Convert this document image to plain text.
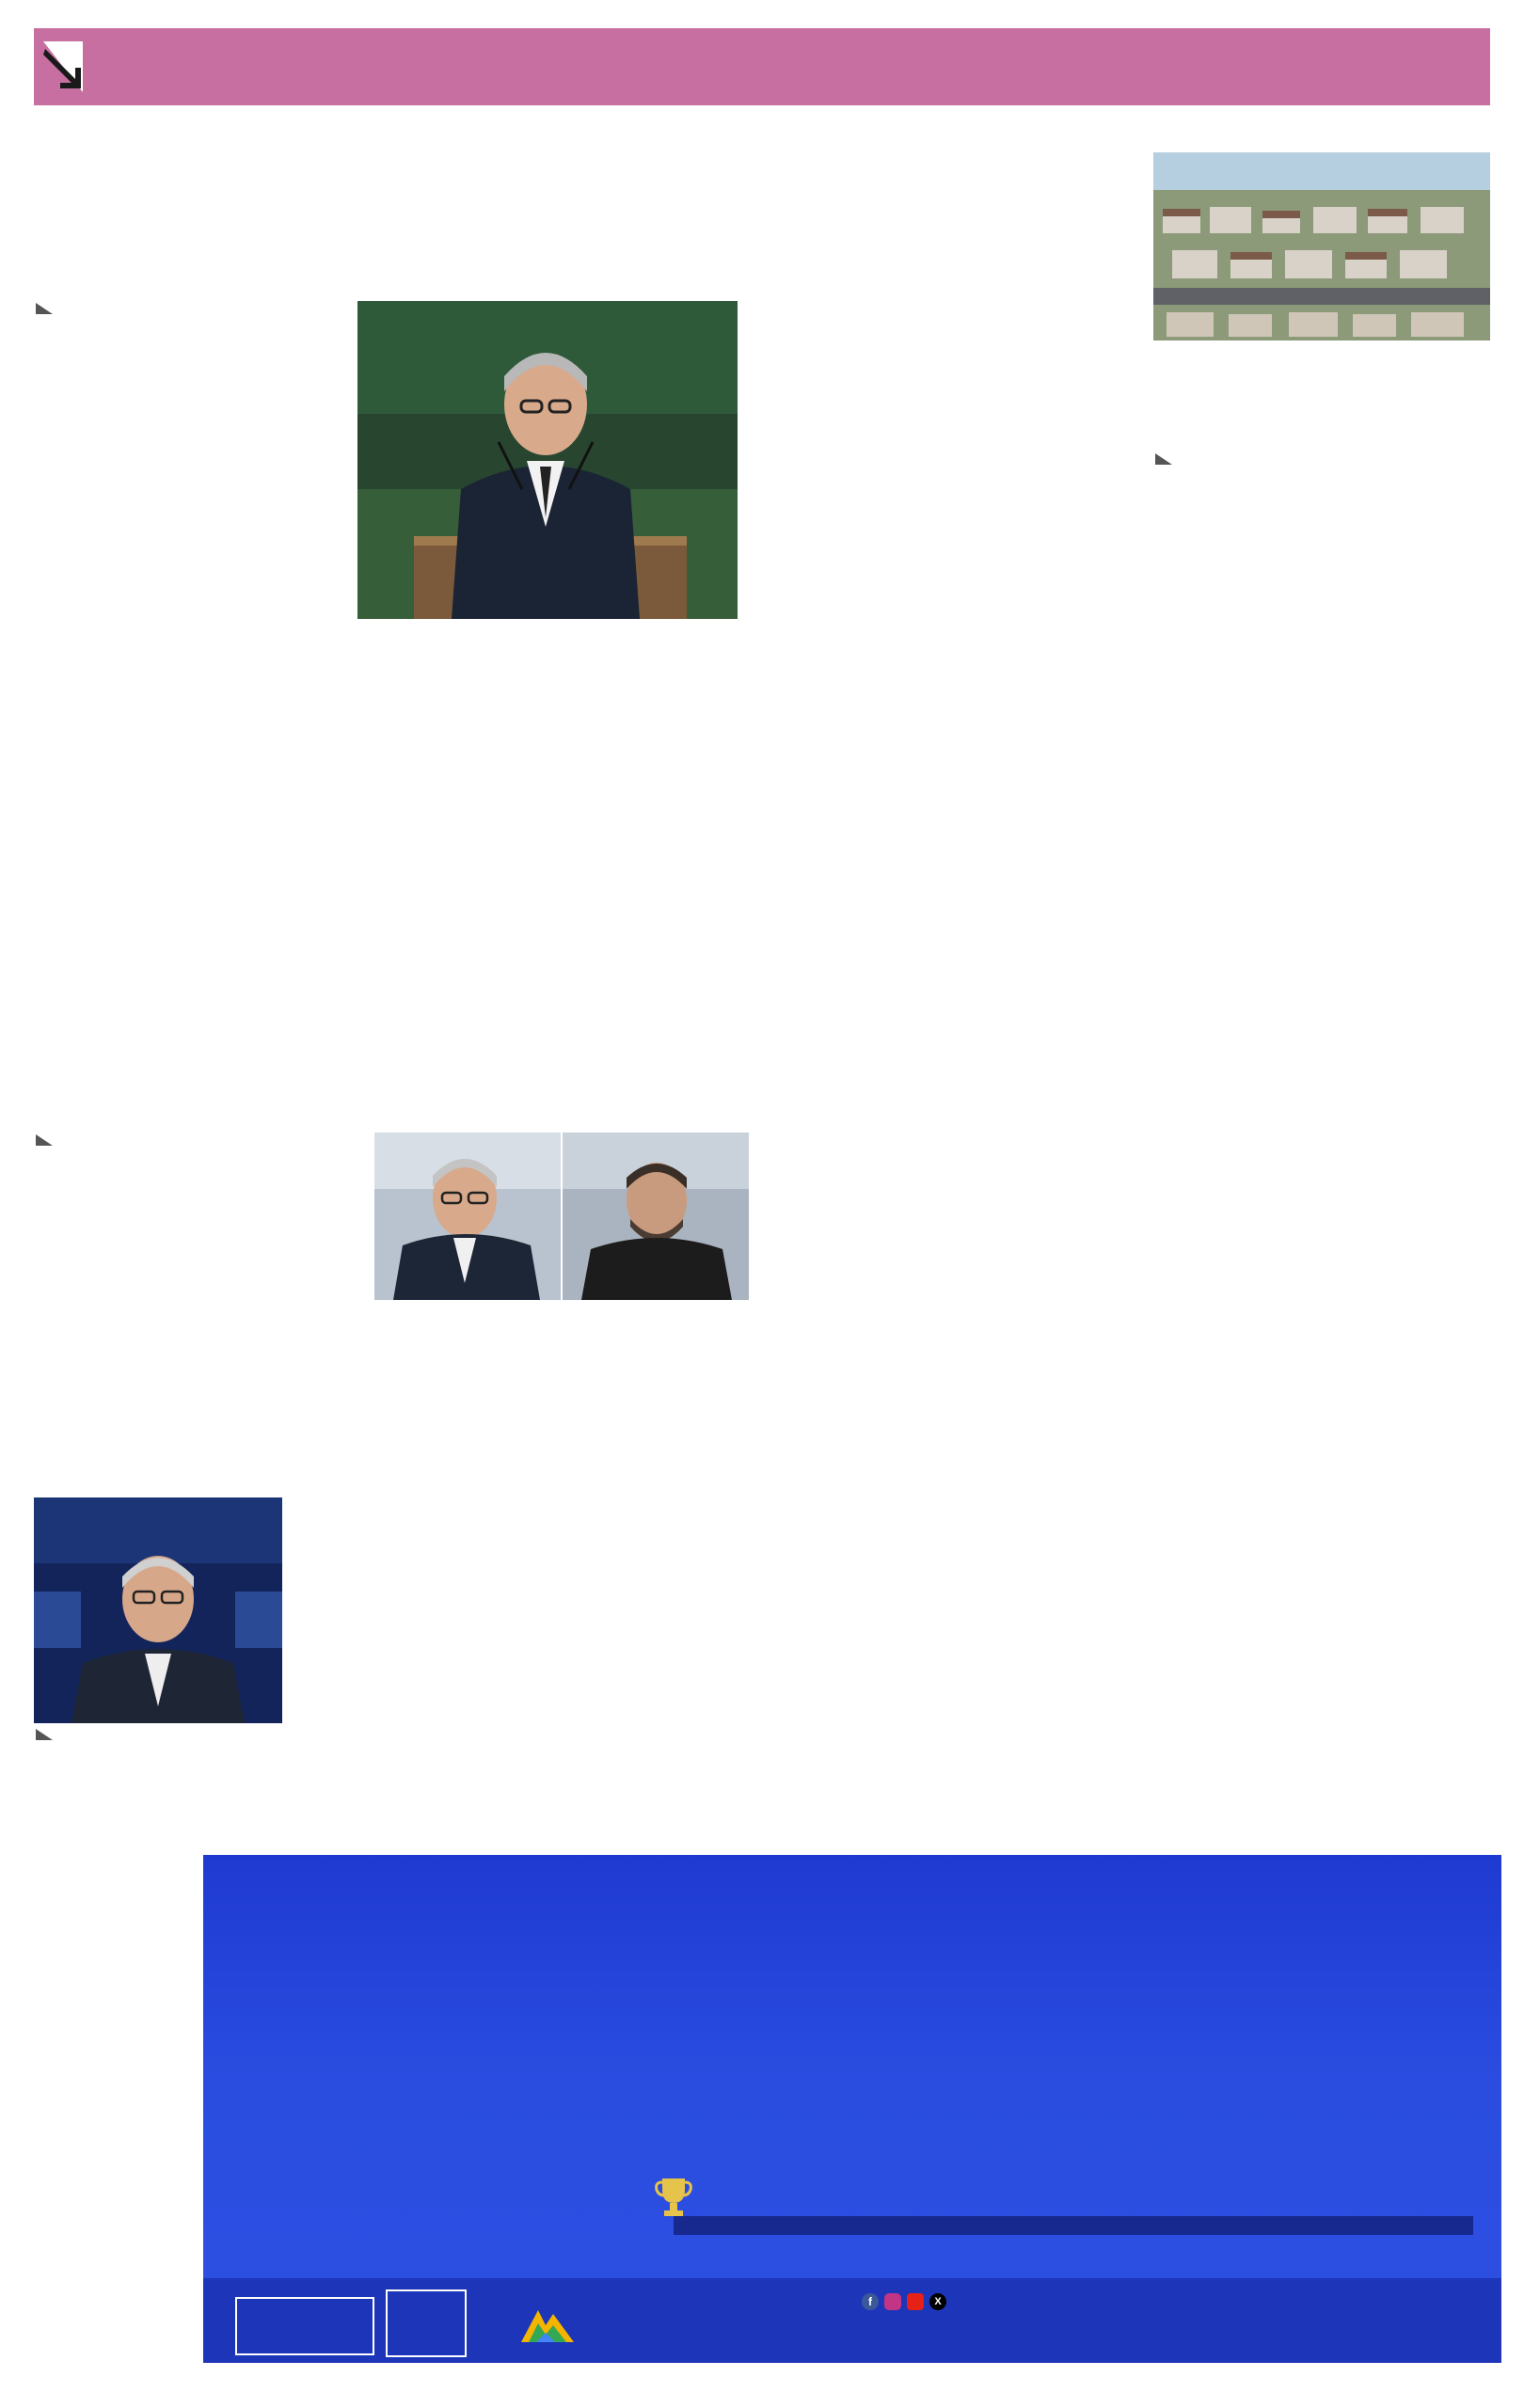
f	X
